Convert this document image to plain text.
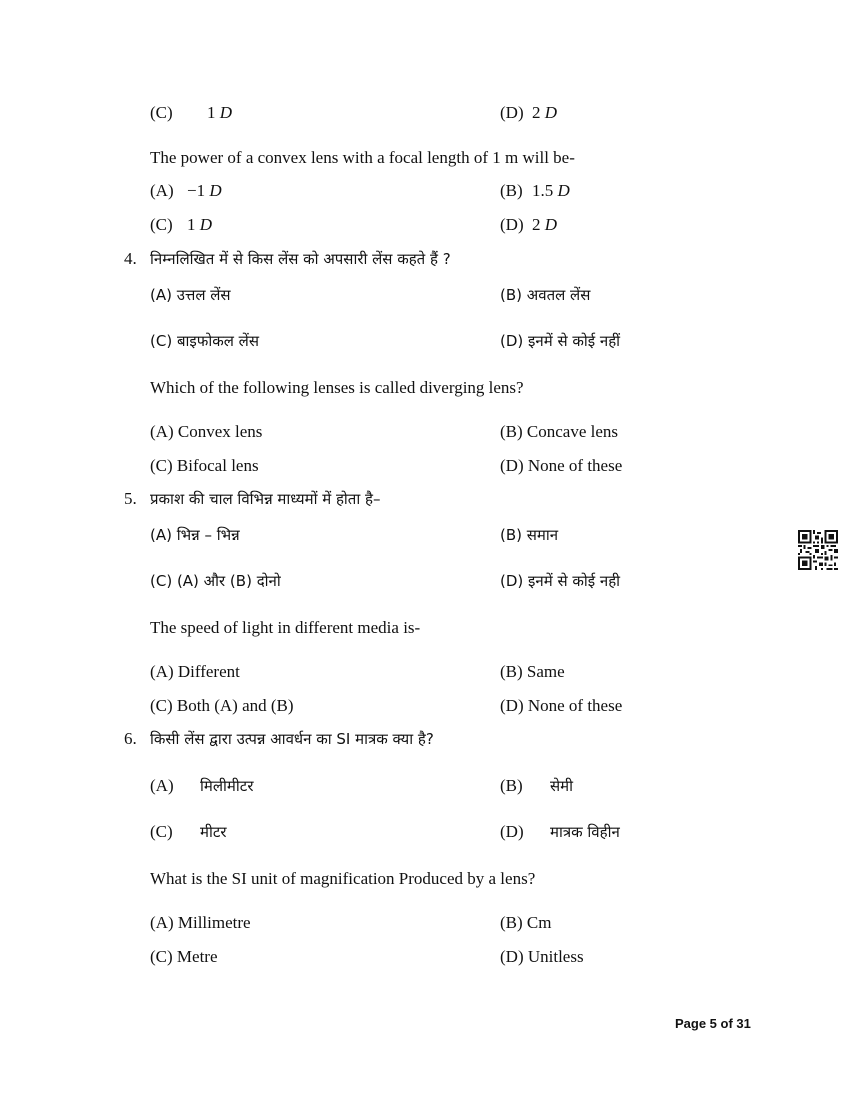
(C) 1 D	(D) 2 D
The power of a convex lens with a focal length of 1 m will be-
(A) −1 D	(B) 1.5 D
(C) 1 D	(D) 2 D
4. निम्नलिखित में से किस लेंस को अपसारी लेंस कहते हैं ?
(A) उत्तल लेंस	(B) अवतल लेंस
(C) बाइफोकल लेंस	(D) इनमें से कोई नहीं
Which of the following lenses is called diverging lens?
(A) Convex lens	(B) Concave lens
(C) Bifocal lens	(D) None of these
5. प्रकाश की चाल विभिन्न माध्यमों में होता है–
(A) भिन्न – भिन्न	(B) समान
(C) (A) और (B) दोनो	(D) इनमें से कोई नही
The speed of light in different media is-
(A) Different	(B) Same
(C) Both (A) and (B)	(D) None of these
6. किसी लेंस द्वारा उत्पन्न आवर्धन का SI मात्रक क्या है?
(A) मिलीमीटर	(B) सेमी
(C) मीटर	(D) मात्रक विहीन
What is the SI unit of magnification Produced by a lens?
(A) Millimetre	(B) Cm
(C) Metre	(D) Unitless
Page 5 of 31
